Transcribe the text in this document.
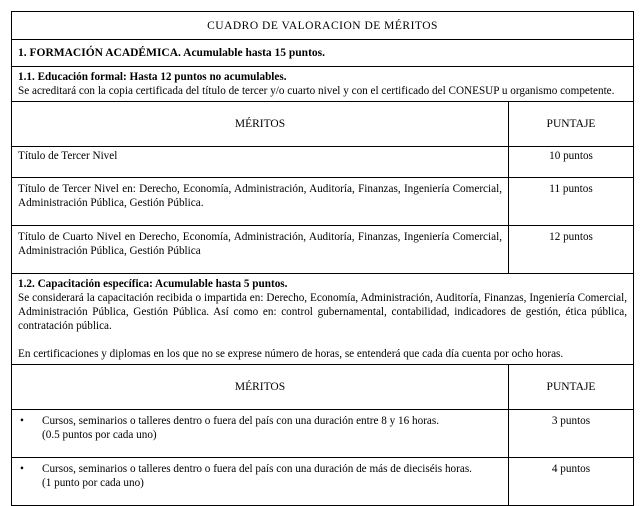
CUADRO DE VALORACION DE MÉRITOS	
1. FORMACIÓN ACADÉMICA. Acumulable hasta 15 puntos.	

1.1. Educación formal: Hasta 12 puntos no acumulables.

Se acreditará con la copia certificada del título de tercer y/o cuarto nivel y con el certificado del CONESUP u organismo competente.	

MÉRITOS	PUNTAJE
Título de Tercer Nivel	10 puntos
Título de Tercer Nivel en: Derecho, Economía, Administración, Auditoría, Finanzas, Ingeniería Comercial, Administración Pública, Gestión Pública.	11 puntos
Título de Cuarto Nivel en Derecho, Economía, Administración, Auditoría, Finanzas, Ingeniería Comercial, Administración Pública, Gestión Pública	12 puntos

1.2. Capacitación específica: Acumulable hasta 5 puntos.

Se considerará la capacitación recibida o impartida en: Derecho, Economía, Administración, Auditoría, Finanzas, Ingeniería Comercial, Administración Pública, Gestión Pública. Así como en: control gubernamental, contabilidad, indicadores de gestión, ética pública, contratación pública.

En certificaciones y diplomas en los que no se exprese número de horas, se entenderá que cada día cuenta por ocho horas.	

MÉRITOS	PUNTAJE

• Cursos, seminarios o talleres dentro o fuera del país con una duración entre 8 y 16 horas.

(0.5 puntos por cada uno)	3 puntos

• Cursos, seminarios o talleres dentro o fuera del país con una duración de más de dieciséis horas.

(1 punto por cada uno)	4 puntos
